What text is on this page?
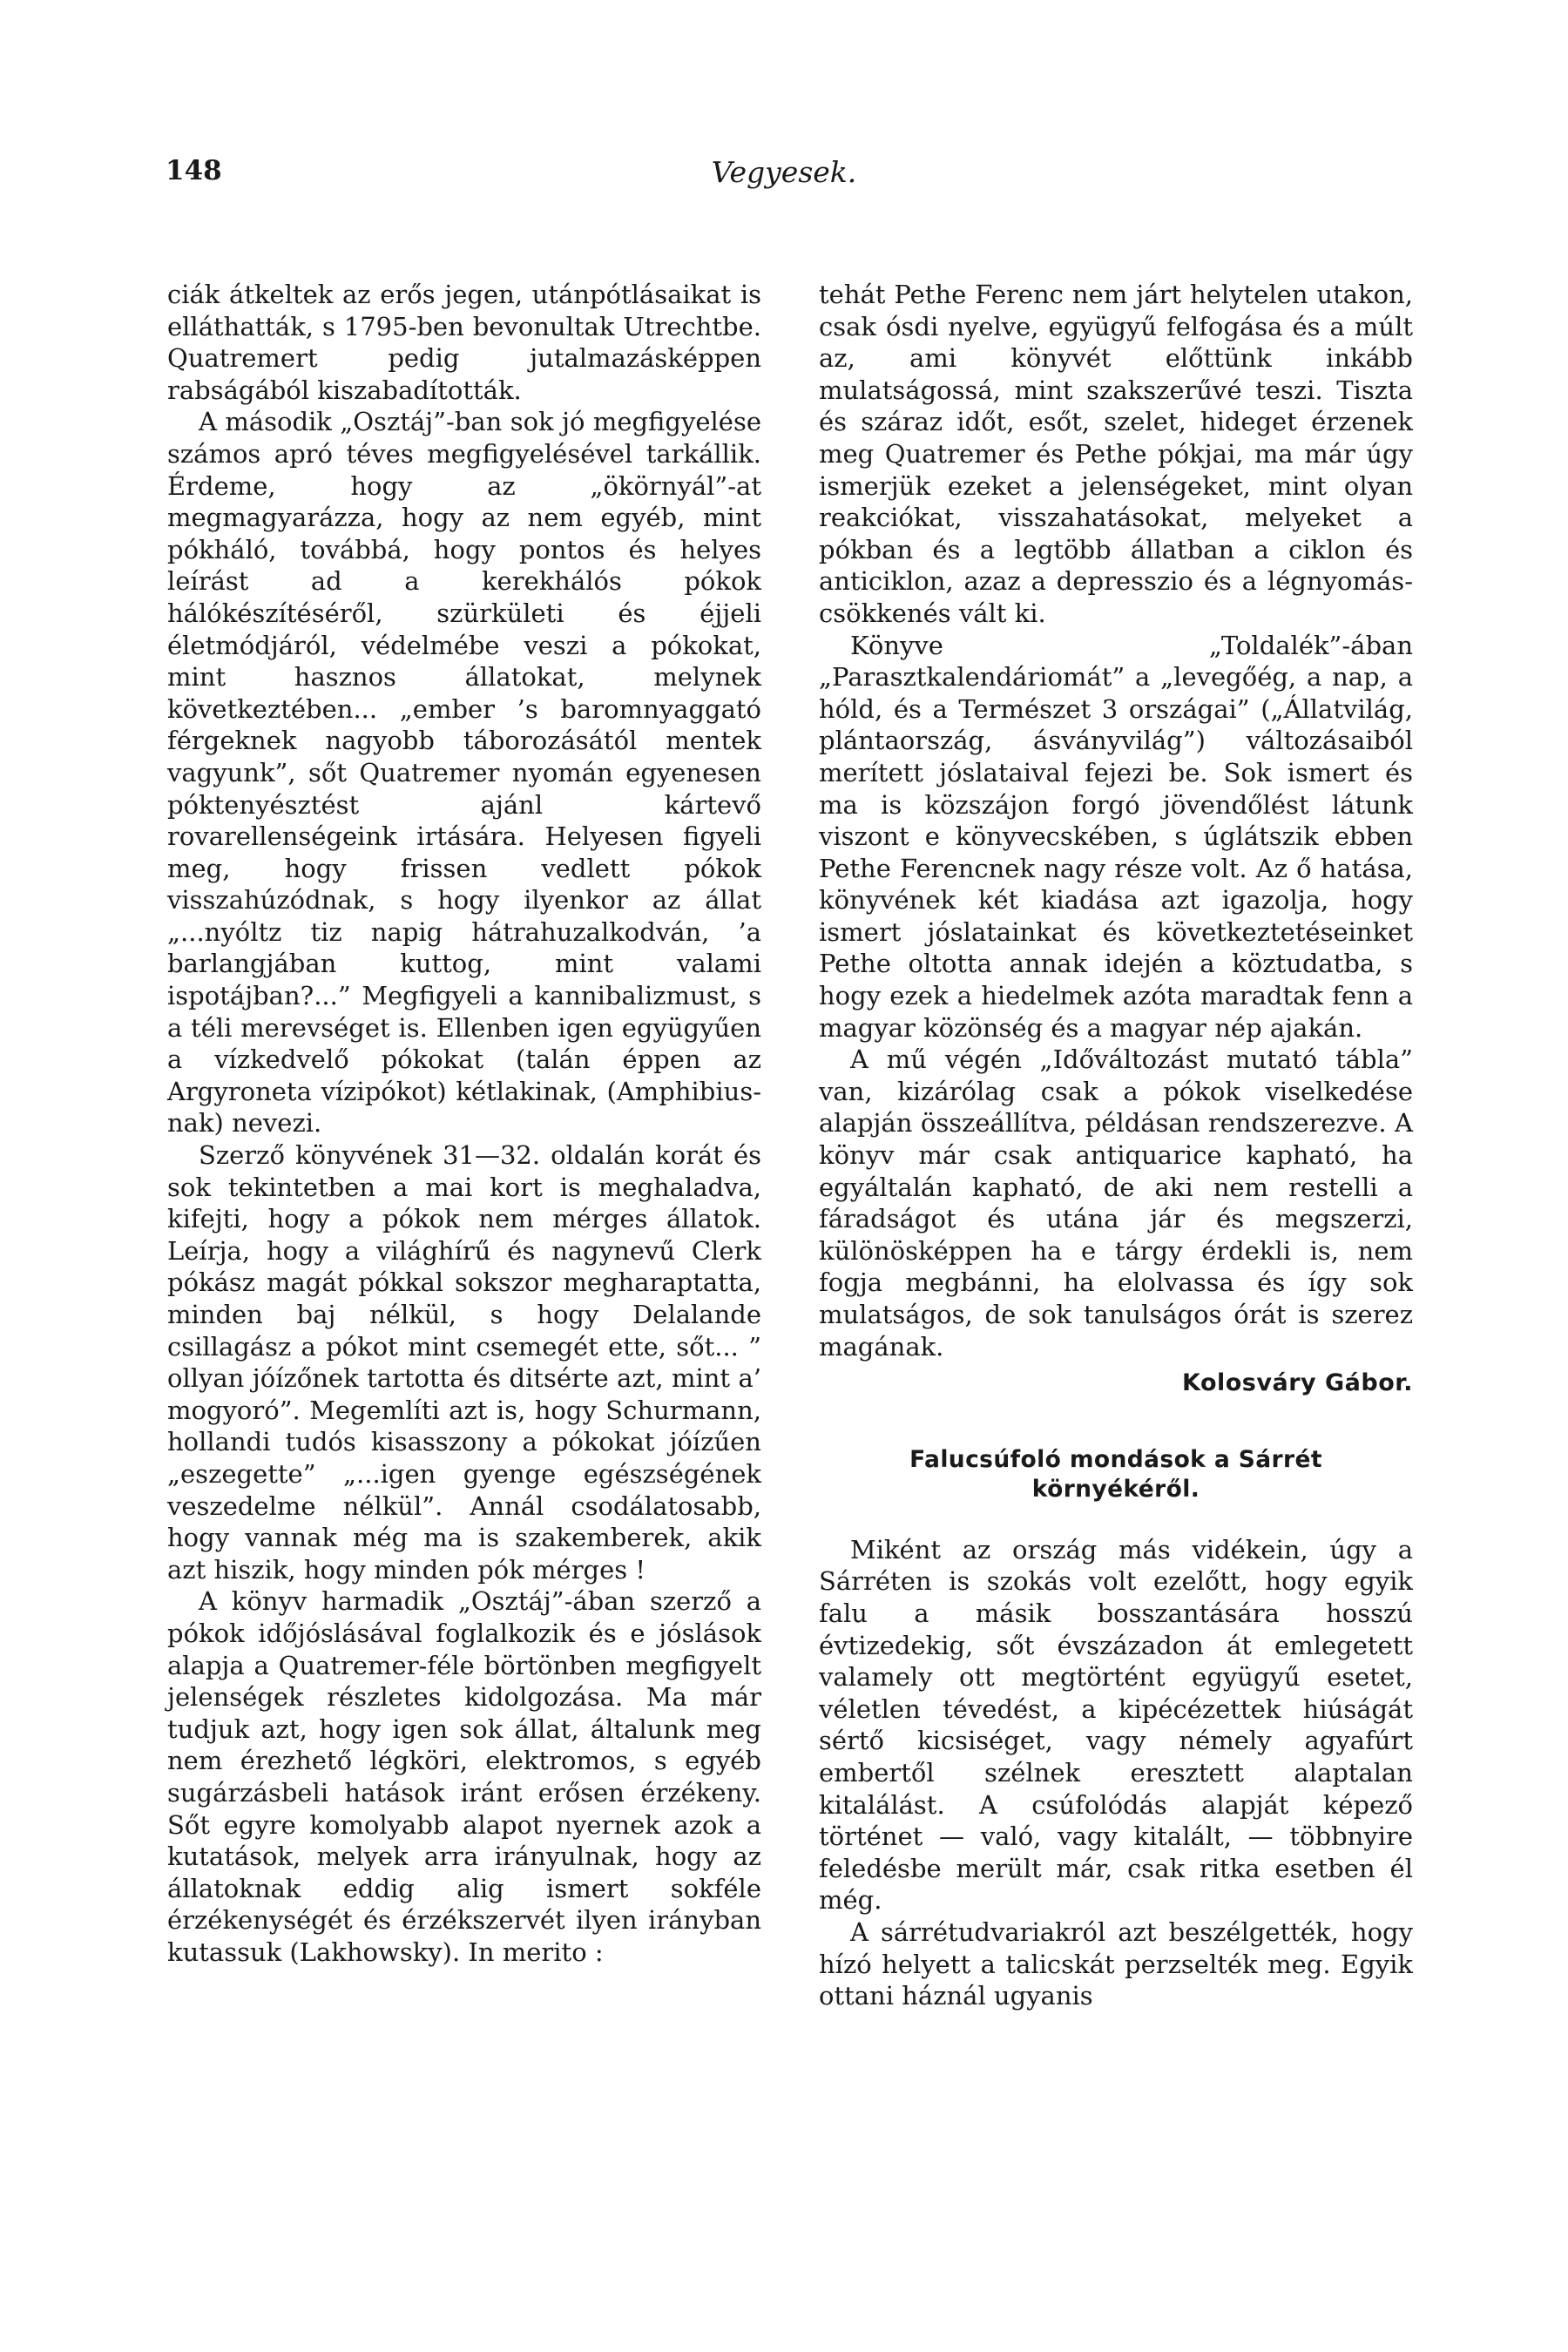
148	Vegyesek.

ciák átkeltek az erős jegen, utánpótlásaikat is elláthatták, s 1795-ben bevonultak Utrechtbe. Quatremert pedig jutalmazásképpen rabságából kiszabadították.

A második „Osztáj”-ban sok jó megfigyelése számos apró téves megfigyelésével tarkállik. Érdeme, hogy az „ökörnyál”-at megmagyarázza, hogy az nem egyéb, mint pókháló, továbbá, hogy pontos és helyes leírást ad a kerekhálós pókok hálókészítéséről, szürkületi és éjjeli életmódjáról, védelmébe veszi a pókokat, mint hasznos állatokat, melynek következtében... „ember ’s baromnyaggató férgeknek nagyobb táborozásától mentek vagyunk”, sőt Quatremer nyomán egyenesen póktenyésztést ajánl kártevő rovarellenségeink irtására. Helyesen figyeli meg, hogy frissen vedlett pókok visszahúzódnak, s hogy ilyenkor az állat „...nyóltz tiz napig hátrahuzalkodván, ’a barlangjában kuttog, mint valami ispotájban?...” Megfigyeli a kannibalizmust, s a téli merevséget is. Ellenben igen együgyűen a vízkedvelő pókokat (talán éppen az Argyroneta vízipókot) kétlakinak, (Amphibius-nak) nevezi.

Szerző könyvének 31—32. oldalán korát és sok tekintetben a mai kort is meghaladva, kifejti, hogy a pókok nem mérges állatok. Leírja, hogy a világhírű és nagynevű Clerk pókász magát pókkal sokszor megharaptatta, minden baj nélkül, s hogy Delalande csillagász a pókot mint csemegét ette, sőt... ” ollyan jóízőnek tartotta és ditsérte azt, mint a’ mogyoró”. Megemlíti azt is, hogy Schurmann, hollandi tudós kisasszony a pókokat jóízűen „eszegette” „...igen gyenge egészségének veszedelme nélkül”. Annál csodálatosabb, hogy vannak még ma is szakemberek, akik azt hiszik, hogy minden pók mérges !

A könyv harmadik „Osztáj”-ában szerző a pókok időjóslásával foglalkozik és e jóslások alapja a Quatremer-féle börtönben megfigyelt jelenségek részletes kidolgozása. Ma már tudjuk azt, hogy igen sok állat, általunk meg nem érezhető légköri, elektromos, s egyéb sugárzásbeli hatások iránt erősen érzékeny. Sőt egyre komolyabb alapot nyernek azok a kutatások, melyek arra irányulnak, hogy az állatoknak eddig alig ismert sokféle érzékenységét és érzékszervét ilyen irányban kutassuk (Lakhowsky). In merito :

tehát Pethe Ferenc nem járt helytelen utakon, csak ósdi nyelve, együgyű felfogása és a múlt az, ami könyvét előttünk inkább mulatságossá, mint szakszerűvé teszi. Tiszta és száraz időt, esőt, szelet, hideget érzenek meg Quatremer és Pethe pókjai, ma már úgy ismerjük ezeket a jelenségeket, mint olyan reakciókat, visszahatásokat, melyeket a pókban és a legtöbb állatban a ciklon és anticiklon, azaz a depresszio és a légnyomás-csökkenés vált ki.

Könyve „Toldalék”-ában „Parasztkalendáriomát” a „levegőég, a nap, a hóld, és a Természet 3 országai” („Állatvilág, plántaország, ásványvilág”) változásaiból merített jóslataival fejezi be. Sok ismert és ma is közszájon forgó jövendőlést látunk viszont e könyvecskében, s úglátszik ebben Pethe Ferencnek nagy része volt. Az ő hatása, könyvének két kiadása azt igazolja, hogy ismert jóslatainkat és következtetéseinket Pethe oltotta annak idején a köztudatba, s hogy ezek a hiedelmek azóta maradtak fenn a magyar közönség és a magyar nép ajakán.

A mű végén „Időváltozást mutató tábla” van, kizárólag csak a pókok viselkedése alapján összeállítva, példásan rendszerezve. A könyv már csak antiquarice kapható, ha egyáltalán kapható, de aki nem restelli a fáradságot és utána jár és megszerzi, különösképpen ha e tárgy érdekli is, nem fogja megbánni, ha elolvassa és így sok mulatságos, de sok tanulságos órát is szerez magának.

Kolosváry Gábor.

Falucsúfoló mondások a Sárrét környékéről.

Miként az ország más vidékein, úgy a Sárréten is szokás volt ezelőtt, hogy egyik falu a másik bosszantására hosszú évtizedekig, sőt évszázadon át emlegetett valamely ott megtörtént együgyű esetet, véletlen tévedést, a kipécézettek hiúságát sértő kicsiséget, vagy némely agyafúrt embertől szélnek eresztett alaptalan kitalálást. A csúfolódás alapját képező történet — való, vagy kitalált, — többnyire feledésbe merült már, csak ritka esetben él még.

A sárrétudvariakról azt beszélgették, hogy hízó helyett a talicskát perzselték meg. Egyik ottani háznál ugyanis
